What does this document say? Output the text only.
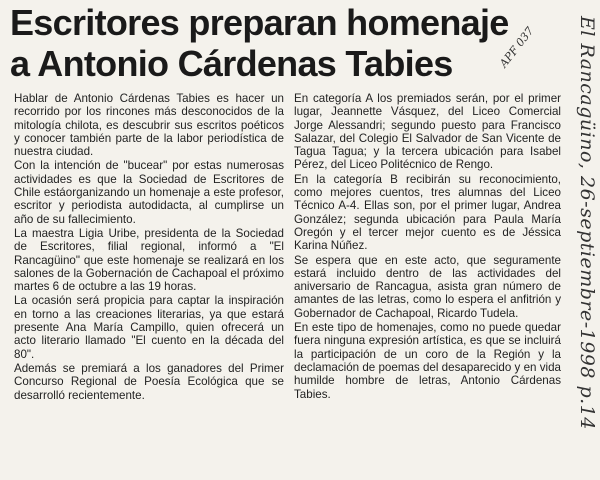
Escritores preparan homenaje
a Antonio Cárdenas Tabies

Hablar de Antonio Cárdenas Tabies es hacer un recorrido por los rincones más desconocidos de la mitología chilota, es descubrir sus escritos poéticos y conocer también parte de la labor periodística de nuestra ciudad.

Con la intención de "bucear" por estas numerosas actividades es que la Sociedad de Escritores de Chile estáorganizando un homenaje a este profesor, escritor y periodista autodidacta, al cumplirse un año de su fallecimiento.

La maestra Ligia Uribe, presidenta de la Sociedad de Escritores, filial regional, informó a "El Rancagüino" que este homenaje se realizará en los salones de la Gobernación de Cachapoal el próximo martes 6 de octubre a las 19 horas.

La ocasión será propicia para captar la inspiración en torno a las creaciones literarias, ya que estará presente Ana María Campillo, quien ofrecerá un acto literario llamado "El cuento en la década del 80".

Además se premiará a los ganadores del Primer Concurso Regional de Poesía Ecológica que se desarrolló recientemente.

En categoría A los premiados serán, por el primer lugar, Jeannette Vásquez, del Liceo Comercial Jorge Alessandri; segundo puesto para Francisco Salazar, del Colegio El Salvador de San Vicente de Tagua Tagua; y la tercera ubicación para Isabel Pérez, del Liceo Politécnico de Rengo.

En la categoría B recibirán su reconocimiento, como mejores cuentos, tres alumnas del Liceo Técnico A-4. Ellas son, por el primer lugar, Andrea González; segunda ubicación para Paula María Oregón y el tercer mejor cuento es de Jéssica Karina Núñez.

Se espera que en este acto, que seguramente estará incluido dentro de las actividades del aniversario de Rancagua, asista gran número de amantes de las letras, como lo espera el anfitrión y Gobernador de Cachapoal, Ricardo Tudela.

En este tipo de homenajes, como no puede quedar fuera ninguna expresión artística, es que se incluirá la participación de un coro de la Región y la declamación de poemas del desaparecido y en vida humilde hombre de letras, Antonio Cárdenas Tabies.	El Rancagüino, 26-septiembre-1998 p.14
APF 037
